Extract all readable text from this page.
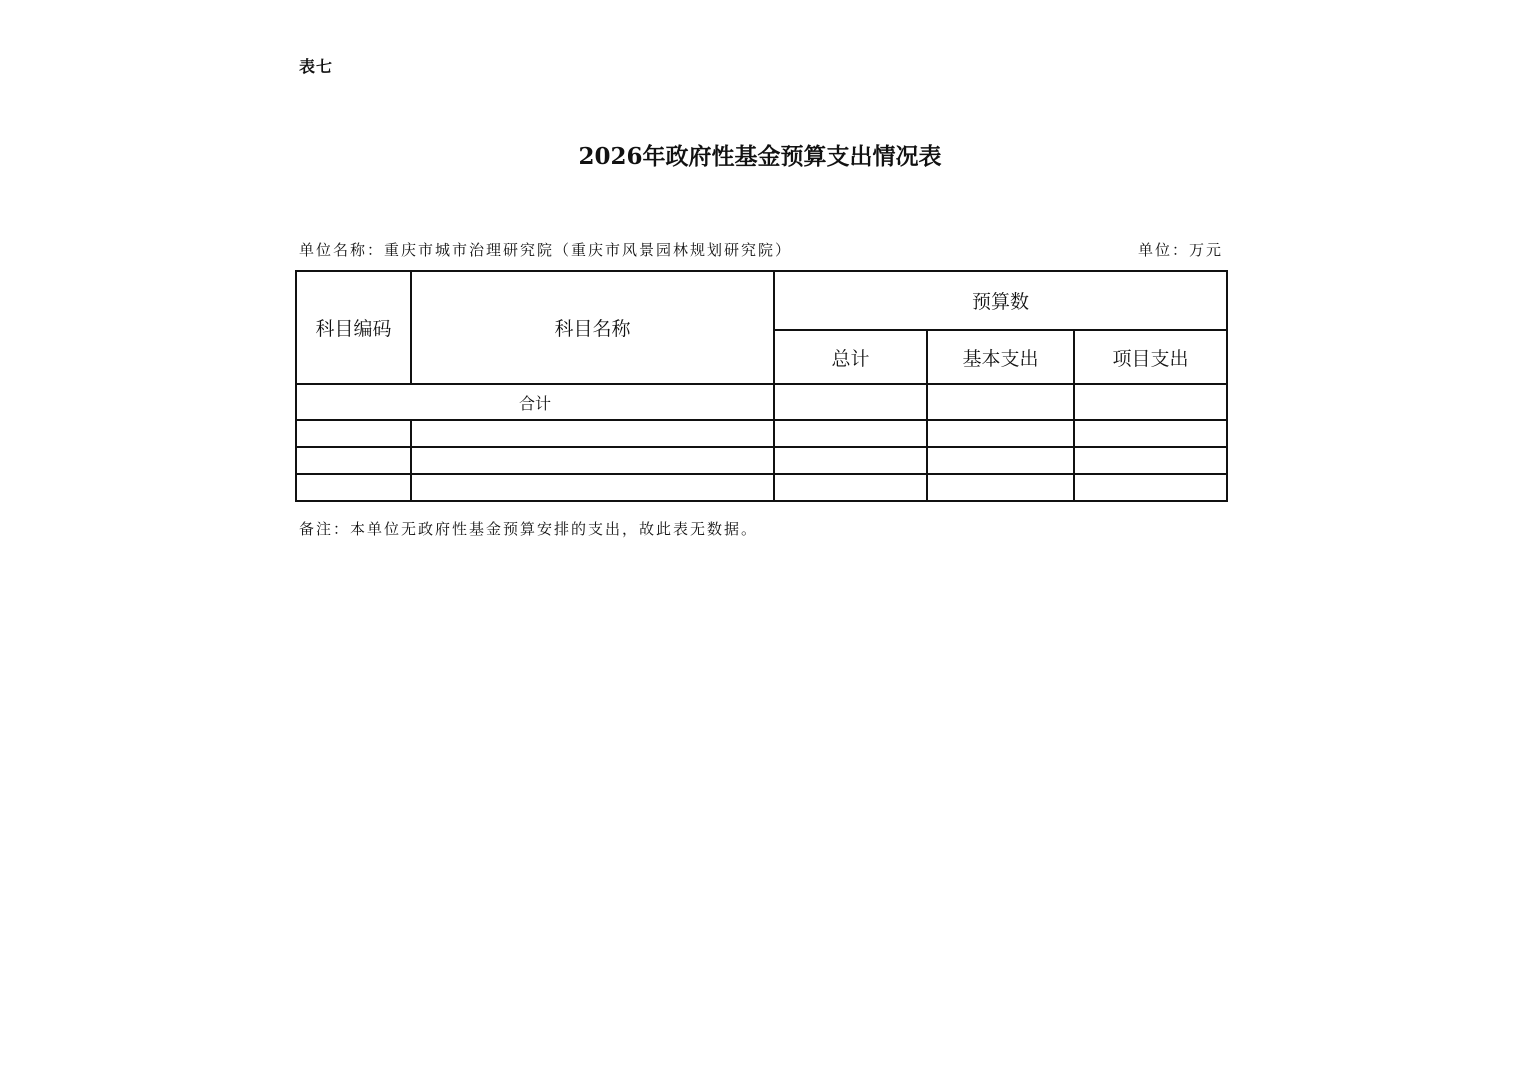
表七
2026年政府性基金预算支出情况表
单位名称：重庆市城市治理研究院（重庆市风景园林规划研究院）	单位：万元
科目编码	科目名称	预算数		
		总计	基本支出	项目支出
合计				

备注：本单位无政府性基金预算安排的支出，故此表无数据。
